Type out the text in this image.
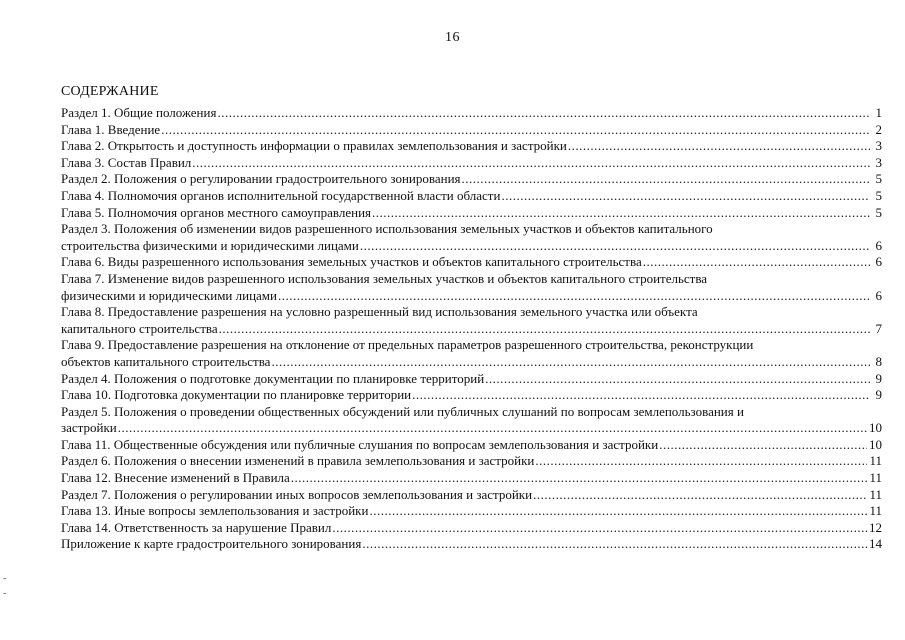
16
СОДЕРЖАНИЕ
Раздел 1. Общие положения .....	1
Глава 1. Введение .....	2
Глава 2. Открытость и доступность информации о правилах землепользования и застройки .....	3
Глава 3. Состав Правил .....	3
Раздел 2. Положения о регулировании градостроительного зонирования .....	5
Глава 4. Полномочия органов исполнительной государственной власти области .....	5
Глава 5. Полномочия органов местного самоуправления .....	5
Раздел 3. Положения об изменении видов разрешенного использования земельных участков и объектов капитального
строительства физическими и юридическими лицами .....	6
Глава 6. Виды разрешенного использования земельных участков и объектов капитального строительства .....	6
Глава 7. Изменение видов разрешенного использования земельных участков и объектов капитального строительства
физическими и юридическими лицами .....	6
Глава 8. Предоставление разрешения на условно разрешенный вид использования земельного участка или объекта
капитального строительства .....	7
Глава 9. Предоставление разрешения на отклонение от предельных параметров разрешенного строительства, реконструкции
объектов капитального строительства .....	8
Раздел 4. Положения о подготовке документации по планировке территорий .....	9
Глава 10. Подготовка документации по планировке территории .....	9
Раздел 5. Положения о проведении общественных обсуждений или публичных слушаний по вопросам землепользования и
застройки .....	10
Глава 11. Общественные обсуждения или публичные слушания по вопросам землепользования и застройки .....	10
Раздел 6. Положения о внесении изменений в правила землепользования и застройки .....	11
Глава 12. Внесение изменений в Правила .....	11
Раздел 7. Положения о регулировании иных вопросов землепользования и застройки .....	11
Глава 13. Иные вопросы землепользования и застройки .....	11
Глава 14. Ответственность за нарушение Правил .....	12
Приложение к карте градостроительного зонирования .....	14
-
-
